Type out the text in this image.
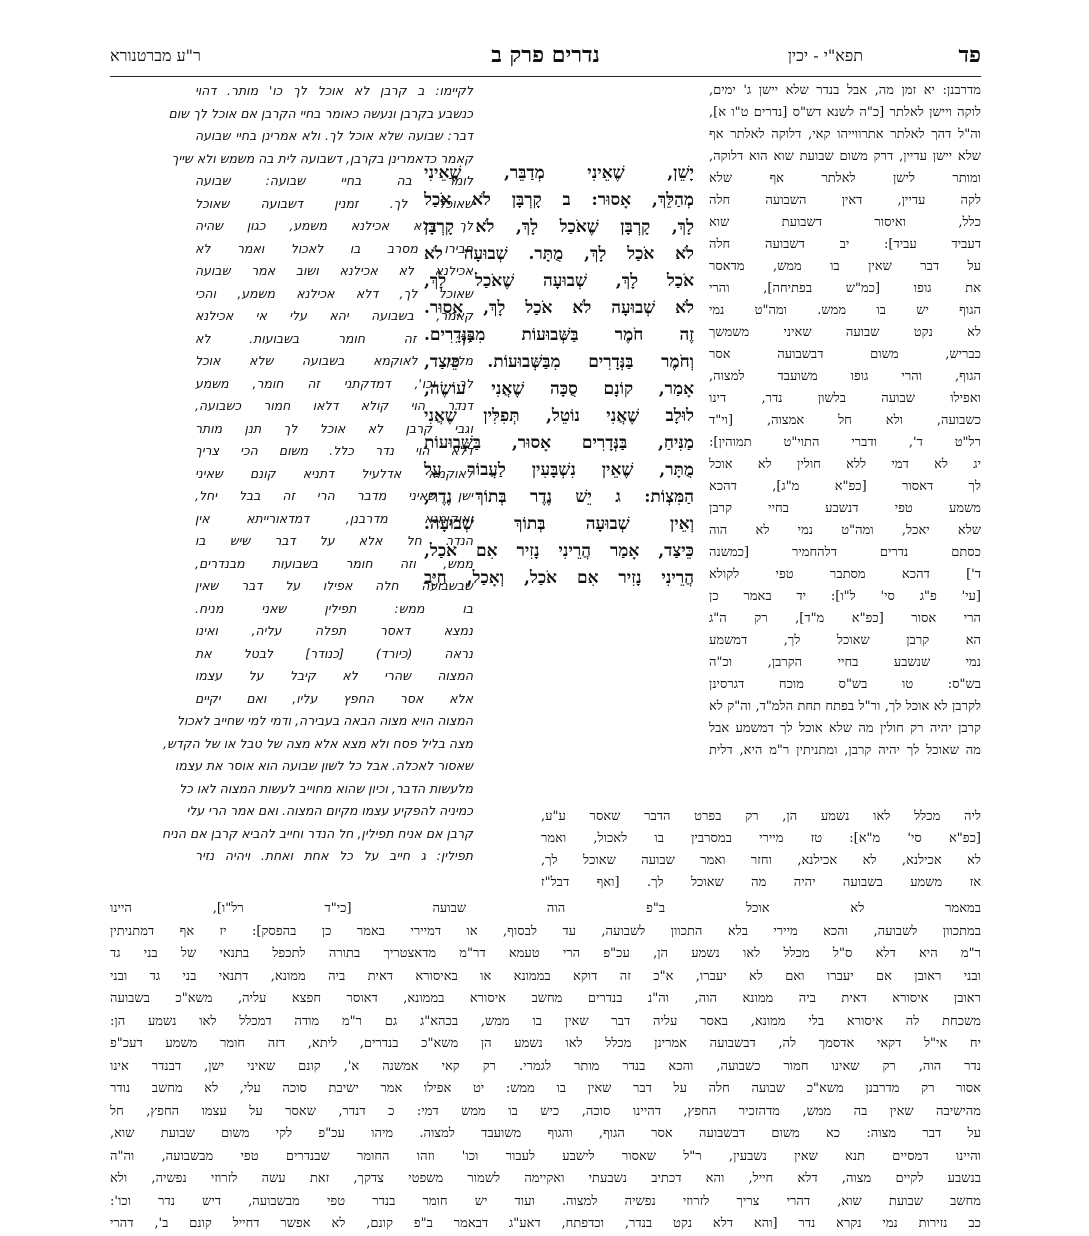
פד
תפא"י - יכין
נדרים פרק ב
ר"ע מברטנורא
מדרבנן: יא זמן מה, אבל בנדר שלא יישן ג' ימים,
לוקה ויישן לאלתר [כ"ה לשנא דש"ס [נדרים ט"ו א],
וה"ל דהך לאלתר אתרווייהו קאי, דלוקה לאלתר אף
שלא יישן עדיין, דרק משום שבועת שוא הוא דלוקה,
ומותר לישן לאלתר אף שלא
לקה עדיין, דאין השבועה חלה
כלל, ואיסור דשבועת שוא
דעביד עביד]: יב דשבועה חלה
על דבר שאין בו ממש, מדאסר
את גופו [כמ"ש בפתיחה], והרי
הגוף יש בו ממש. ומה"ט נמי
לא נקט שבועה שאיני משמשך
כבריש, משום דבשבועה אסר
הגוף, והרי גופו משועבד למצוה,
ואפילו שבועה בלשון נדר, דינו
כשבועה, ולא חל אמצוה, [וי"ד
רל"ט ד', ודברי התוי"ט תמוהין]:
יג לא דמי ללא חולין לא אוכל
לך דאסור [כפ"א מ"ג], דהכא
משמע טפי דנשבע בחיי קרבן
שלא יאכל, ומה"ט נמי לא הוה
כסתם נדרים דלהחמיר [כמשנה
ד'] דהכא מסתבר טפי לקולא
[עי' פ"ג סי' ל"ו]: יד באמר כן
הרי אסור [כפ"א מ"ד], רק ה"ג
הא קרבן שאוכל לך, דמשמע
נמי שנשבע בחיי הקרבן, וכ"ה
בש"ס: טו בש"ס מוכח דגרסינן
לקרבן לא אוכל לך, ור"ל בפתח תחת הלמ"ד, וה"ק לא
קרבן יהיה רק חולין מה שלא אוכל לך דמשמע אבל
מה שאוכל לך יהיה קרבן, ומתניתין ר"מ היא, דלית
יָשֵׁן, שֶׁאֵינִי מְדַבֵּר, שֶׁאֵינִי
מְהַלֵּךְ, אָסוּר: ב קָרְבָּן לֹא אֹכַל
לָךְ, קָרְבָּן שֶׁאֹכַל לָךְ, לֹא קָרְבָּן
לֹא אֹכַל לָךְ, מֻתָּר. שְׁבוּעָה לֹא
אֹכַל לָךְ, שְׁבוּעָה שֶׁאֹכַל לָךְ,
לֹא שְׁבוּעָה לֹא אֹכַל לָךְ, אָסוּר.
זֶה חֹמֶר בַּשְּׁבוּעוֹת מִבַּנְּדָרִים.
וְחֹמֶר בַּנְּדָרִים מִבַּשְּׁבוּעוֹת. כֵּיצַד,
אָמַר, קוֹנָם סֻכָּה שֶׁאֲנִי עוֹשֶׂה,
לוּלָב שֶׁאֲנִי נוֹטֵל, תְּפִלִּין שֶׁאֲנִי
מַנִּיחַ, בַּנְּדָרִים אָסוּר, בַּשְּׁבוּעוֹת
מֻתָּר, שֶׁאֵין נִשְׁבָּעִין לַעֲבוֹר עַל
הַמִּצְוֹת: ג יֵשׁ נֶדֶר בְּתוֹךְ נֶדֶר,
וְאֵין שְׁבוּעָה בְּתוֹךְ שְׁבוּעָה.
כֵּיצַד, אָמַר הֲרֵינִי נָזִיר אִם אֹכַל,
הֲרֵינִי נָזִיר אִם אֹכַל, וְאָכַל, חַיָּב
לקיימו: ב קרבן לא אוכל לך כו' מותר. דהוי
כנשבע בקרבן ונעשה כאומר בחיי הקרבן אם אוכל לך שום
דבר: שבועה שלא אוכל לך. ולא אמרינן בחיי שבועה
קאמר כדאמרינן בקרבן, דשבועה לית בה משמש ולא שייך
לומר בה בחיי שבועה: שבועה
שאוכל לך. זמנין דשבועה שאוכל
לך דלא אכילנא משמע, כגון שהיה
חבירו מסרב בו לאכול ואמר לא
אכילנא לא אכילנא ושוב אמר שבועה
שאוכל לך, דלא אכילנא משמע, והכי
קאמר, בשבועה יהא עלי אי אכילנא
לך: זה חומר בשבועות. לא
מלינן לאוקמא בשבועה שלא אוכל
לך וכו', דמדקתני זה חומר, משמע
דנדר הוי קולא דלאו חמור כשבועה,
וגבי קרבן לא אוכל לך תנן מותר
דלא הוי נדר כלל. משום הכי צריך
לאוקמא אדלעיל דתניא קונם שאיני
ישן שאיני מדבר הרי זה בבל יחל,
ואוקימנא מדרבנן, דמדאורייתא אין
הנדר חל אלא על דבר שיש בו
ממש, וזה חומר בשבועות מבנדרים,
שבשבועה חלה אפילו על דבר שאין
בו ממש: תפילין שאני מניח.
נמצא דאסר תפלה עליה, ואינו
נראה (כיורד) [כנודר] לבטל את
המצוה שהרי לא קיבל על עצמו
אלא אסר החפץ עליו, ואם יקיים
המצוה הויא מצוה הבאה בעבירה, ודמי למי שחייב לאכול
מצה בליל פסח ולא מצא אלא מצה של טבל או של הקדש,
שאסור לאכלה. אבל כל לשון שבועה הוא אוסר את עצמו
מלעשות הדבר, וכיון שהוא מחוייב לעשות המצוה לאו כל
כמיניה להפקיע עצמו מקיום המצוה. ואם אמר הרי עלי
קרבן אם אניח תפילין, חל הנדר וחייב להביא קרבן אם הניח
תפילין: ג חייב על כל אחת ואחת. ויהיה נזיר
ליה מכלל לאו נשמע הן, רק בפרט הדבר שאסר ע"ע,
[כפ"א סי' מ"א]: טז מיירי במסרבין בו לאכול, ואמר
לא אכילנא, לא אכילנא, וחזר ואמר שבועה שאוכל לך,
אז משמע בשבועה יהיה מה שאוכל לך. [ואף דבל"ז
במאמר לא אוכל ב"פ הוה שבועה [כי"ד רל"ו], היינו
במתכוון לשבועה, והכא מיירי בלא התכוון לשבועה, עד לבסוף, או דמיירי באמר כן בהפסק]: יז אף דמתניתין
ר"מ היא דלא ס"ל מכלל לאו נשמע הן, עכ"פ הרי טעמא דר"מ מדאצטריך בתורה לתכפל בתנאי של בני גד
ובני ראובן אם יעברו ואם לא יעברו, א"כ זה דוקא בממונא או באיסורא דאית ביה ממונא, דתנאי בני גד ובני
ראובן איסורא דאית ביה ממונא הוה, וה"נ בנדרים מחשב איסורא בממונא, דאוסר חפצא עליה, משא"כ בשבועה
משכחת לה איסורא בלי ממונא, באסר עליה דבר שאין בו ממש, בכהא"ג גם ר"מ מודה דמכלל לאו נשמע הן:
יח אי"ל דקאי אדסמך לה, דבשבועה אמרינן מכלל לאו נשמע הן משא"כ בנדרים, ליתא, דזה חומר משמע דעכ"פ
נדר הוה, רק שאינו חמור כשבועה, והכא בנדר מותר לגמרי. רק קאי אמשנה א', קונם שאיני ישן, דבנדר אינו
אסור רק מדרבנן משא"כ שבועה חלה על דבר שאין בו ממש: יט אפילו אמר ישיבת סוכה עלי, לא מחשב נודר
מהישיבה שאין בה ממש, מדהזכיר החפץ, דהיינו סוכה, כיש בו ממש דמי: כ דנדר, שאסר על עצמו החפץ, חל
על דבר מצוה: כא משום דבשבועה אסר הגוף, והגוף משועבד למצוה. מיהו עכ"פ לקי משום שבועת שוא,
והיינו דמסיים תנא שאין נשבעין, ר"ל שאסור לישבע לעבור וכו' וזהו החומר שבנדרים טפי מבשבועה, וה"ה
בנשבע לקיים מצוה, דלא חייל, והא דכתיב נשבעתי ואקיימה לשמור משפטי צדקך, זאת עשה לזרוזי נפשיה, ולא
מחשב שבועת שוא, דהרי צריך לזרוזי נפשיה למצוה. ועוד יש חומר בנדר טפי מבשבועה, דיש נדר וכו':
כב נזירות נמי נקרא נדר [והא דלא נקט בנדר, וכדפתח, דאע"ג דבאמר ב"פ קונם, לא אפשר דחייל קונם ב', דהרי
